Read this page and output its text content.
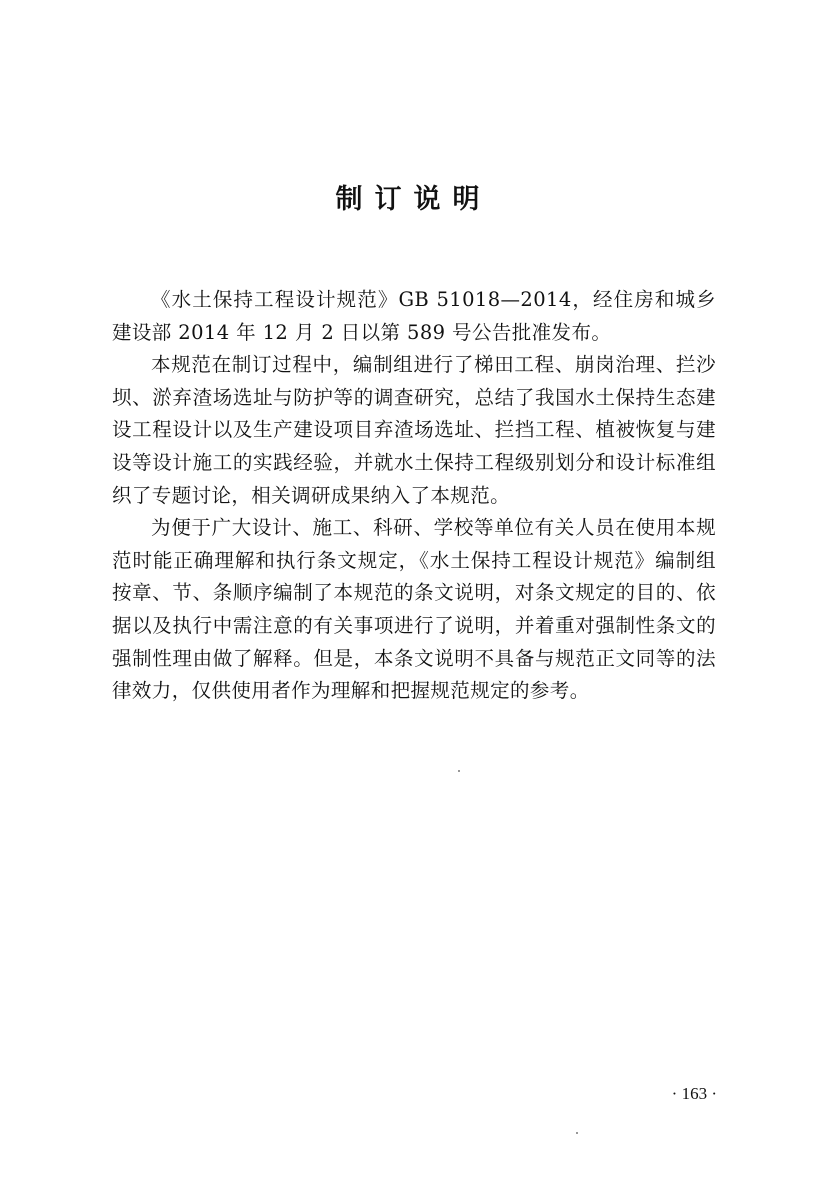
制订说明

《水土保持工程设计规范》GB 51018—2014，经住房和城乡建设部 2014 年 12 月 2 日以第 589 号公告批准发布。

本规范在制订过程中，编制组进行了梯田工程、崩岗治理、拦沙坝、淤弃渣场选址与防护等的调查研究，总结了我国水土保持生态建设工程设计以及生产建设项目弃渣场选址、拦挡工程、植被恢复与建设等设计施工的实践经验，并就水土保持工程级别划分和设计标准组织了专题讨论，相关调研成果纳入了本规范。

为便于广大设计、施工、科研、学校等单位有关人员在使用本规范时能正确理解和执行条文规定，《水土保持工程设计规范》编制组按章、节、条顺序编制了本规范的条文说明，对条文规定的目的、依据以及执行中需注意的有关事项进行了说明，并着重对强制性条文的强制性理由做了解释。但是，本条文说明不具备与规范正文同等的法律效力，仅供使用者作为理解和把握规范规定的参考。

· 163 ·
